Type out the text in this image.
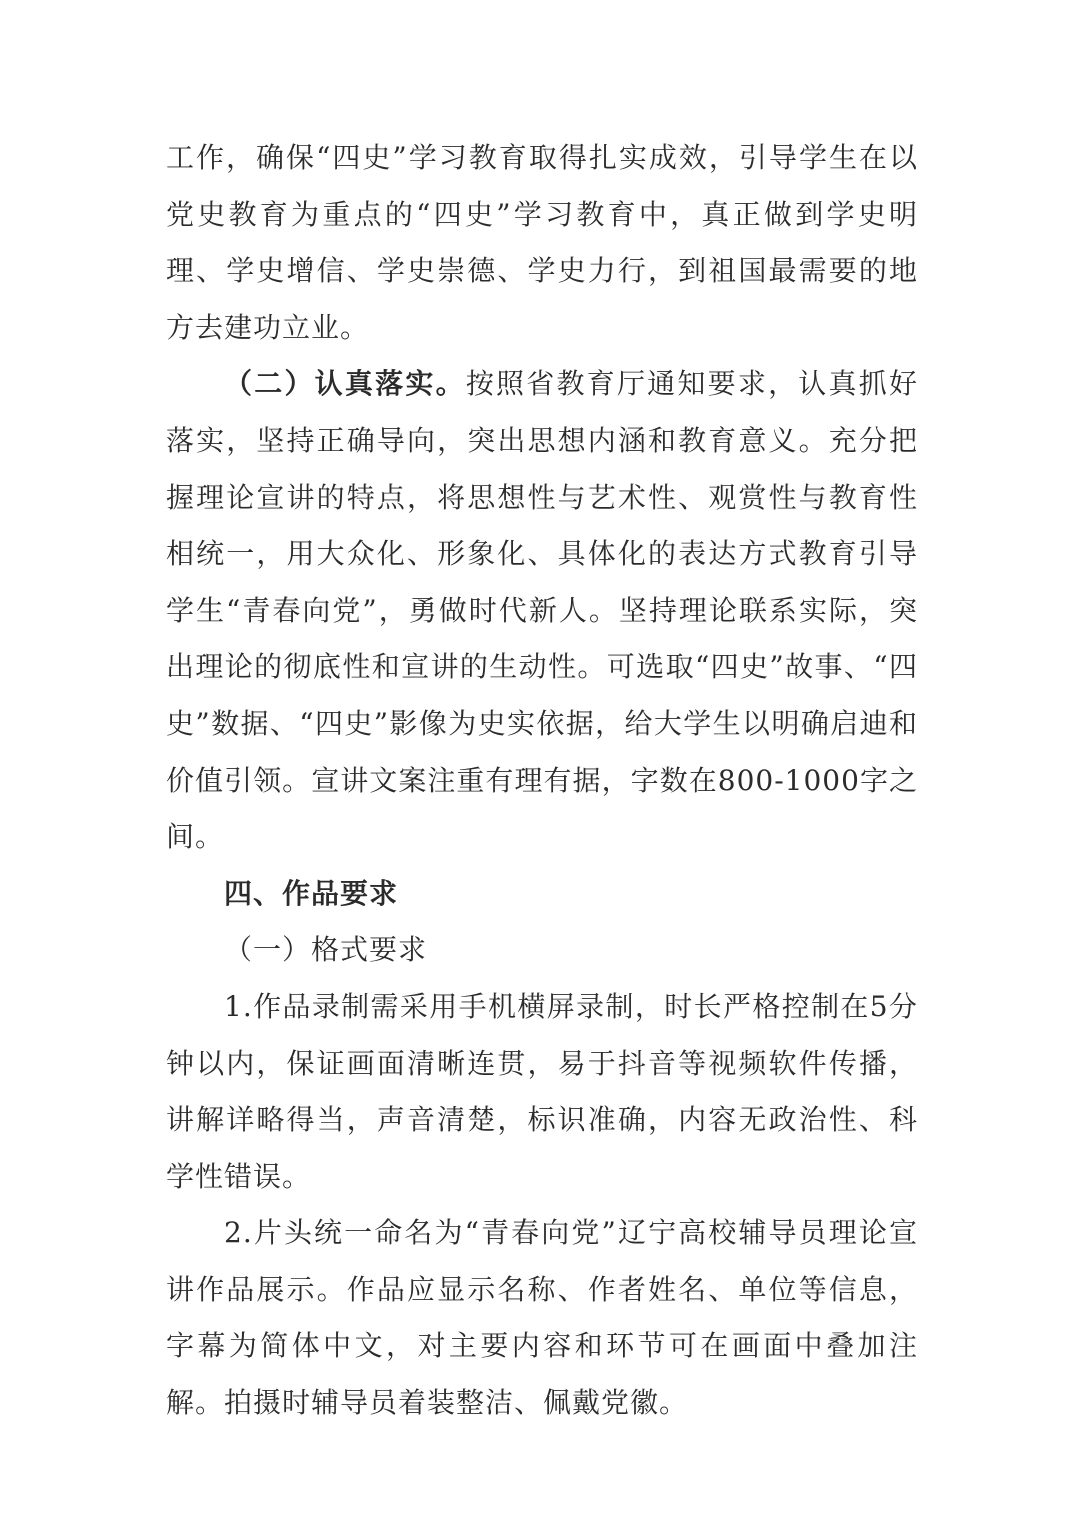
工作，确保“四史”学习教育取得扎实成效，引导学生在以党史教育为重点的“四史”学习教育中，真正做到学史明理、学史增信、学史崇德、学史力行，到祖国最需要的地方去建功立业。

（二）认真落实。按照省教育厅通知要求，认真抓好落实，坚持正确导向，突出思想内涵和教育意义。充分把握理论宣讲的特点，将思想性与艺术性、观赏性与教育性相统一，用大众化、形象化、具体化的表达方式教育引导学生“青春向党”，勇做时代新人。坚持理论联系实际，突出理论的彻底性和宣讲的生动性。可选取“四史”故事、“四史”数据、“四史”影像为史实依据，给大学生以明确启迪和价值引领。宣讲文案注重有理有据，字数在800-1000字之间。

四、作品要求

（一）格式要求

1.作品录制需采用手机横屏录制，时长严格控制在5分钟以内，保证画面清晰连贯，易于抖音等视频软件传播，讲解详略得当，声音清楚，标识准确，内容无政治性、科学性错误。

2.片头统一命名为“青春向党”辽宁高校辅导员理论宣讲作品展示。作品应显示名称、作者姓名、单位等信息，字幕为简体中文，对主要内容和环节可在画面中叠加注解。拍摄时辅导员着装整洁、佩戴党徽。
